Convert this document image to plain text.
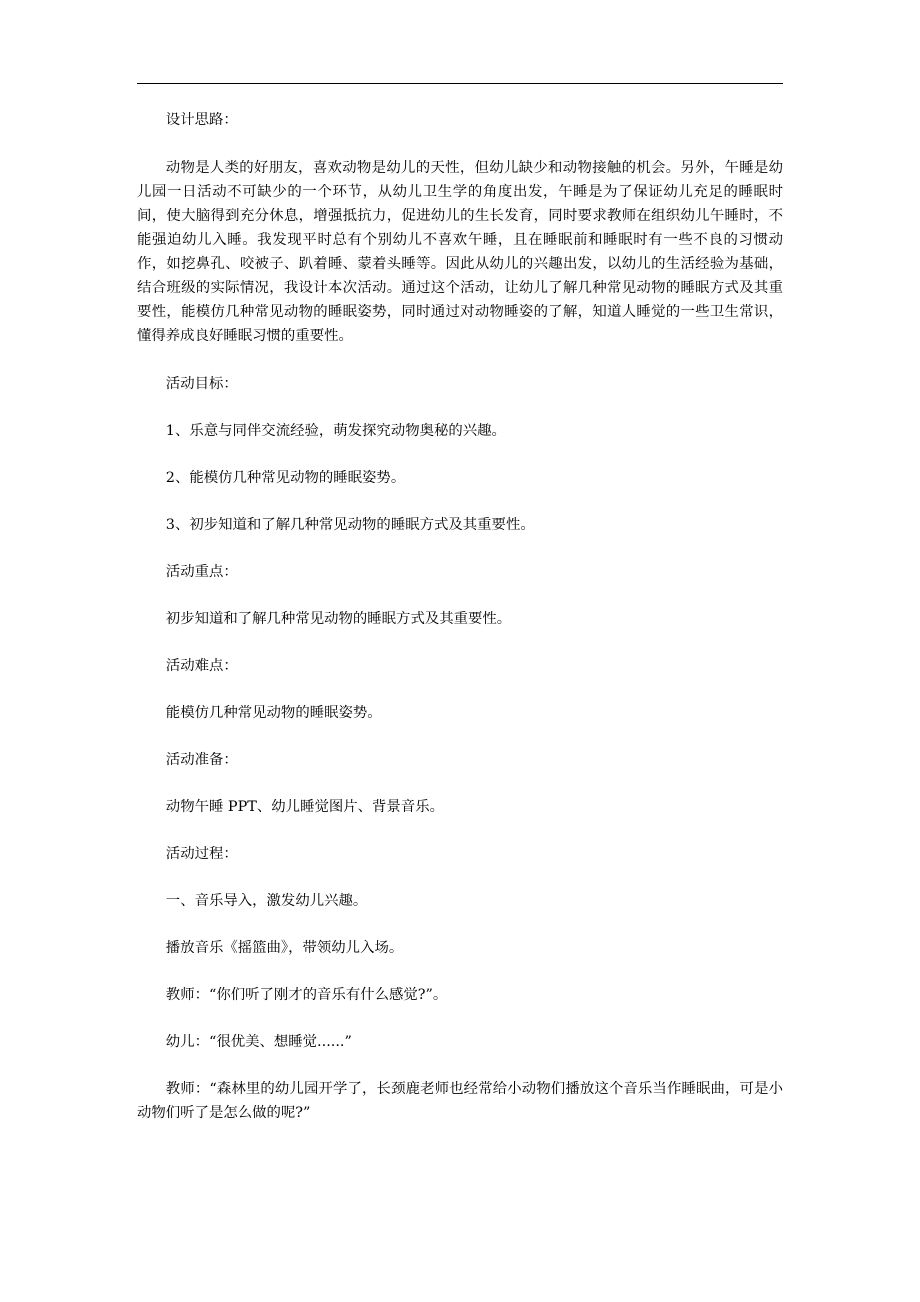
设计思路：

动物是人类的好朋友，喜欢动物是幼儿的天性，但幼儿缺少和动物接触的机会。另外，午睡是幼儿园一日活动不可缺少的一个环节，从幼儿卫生学的角度出发，午睡是为了保证幼儿充足的睡眠时间，使大脑得到充分休息，增强抵抗力，促进幼儿的生长发育，同时要求教师在组织幼儿午睡时，不能强迫幼儿入睡。我发现平时总有个别幼儿不喜欢午睡，且在睡眠前和睡眠时有一些不良的习惯动作，如挖鼻孔、咬被子、趴着睡、蒙着头睡等。因此从幼儿的兴趣出发，以幼儿的生活经验为基础，结合班级的实际情况，我设计本次活动。通过这个活动，让幼儿了解几种常见动物的睡眠方式及其重要性，能模仿几种常见动物的睡眠姿势，同时通过对动物睡姿的了解，知道人睡觉的一些卫生常识，懂得养成良好睡眠习惯的重要性。

活动目标：

1、乐意与同伴交流经验，萌发探究动物奥秘的兴趣。

2、能模仿几种常见动物的睡眠姿势。

3、初步知道和了解几种常见动物的睡眠方式及其重要性。

活动重点：

初步知道和了解几种常见动物的睡眠方式及其重要性。

活动难点：

能模仿几种常见动物的睡眠姿势。

活动准备：

动物午睡 PPT、幼儿睡觉图片、背景音乐。

活动过程：

一、音乐导入，激发幼儿兴趣。

播放音乐《摇篮曲》，带领幼儿入场。

教师：“你们听了刚才的音乐有什么感觉?”。

幼儿：“很优美、想睡觉......”

教师：“森林里的幼儿园开学了，长颈鹿老师也经常给小动物们播放这个音乐当作睡眠曲，可是小动物们听了是怎么做的呢?”
